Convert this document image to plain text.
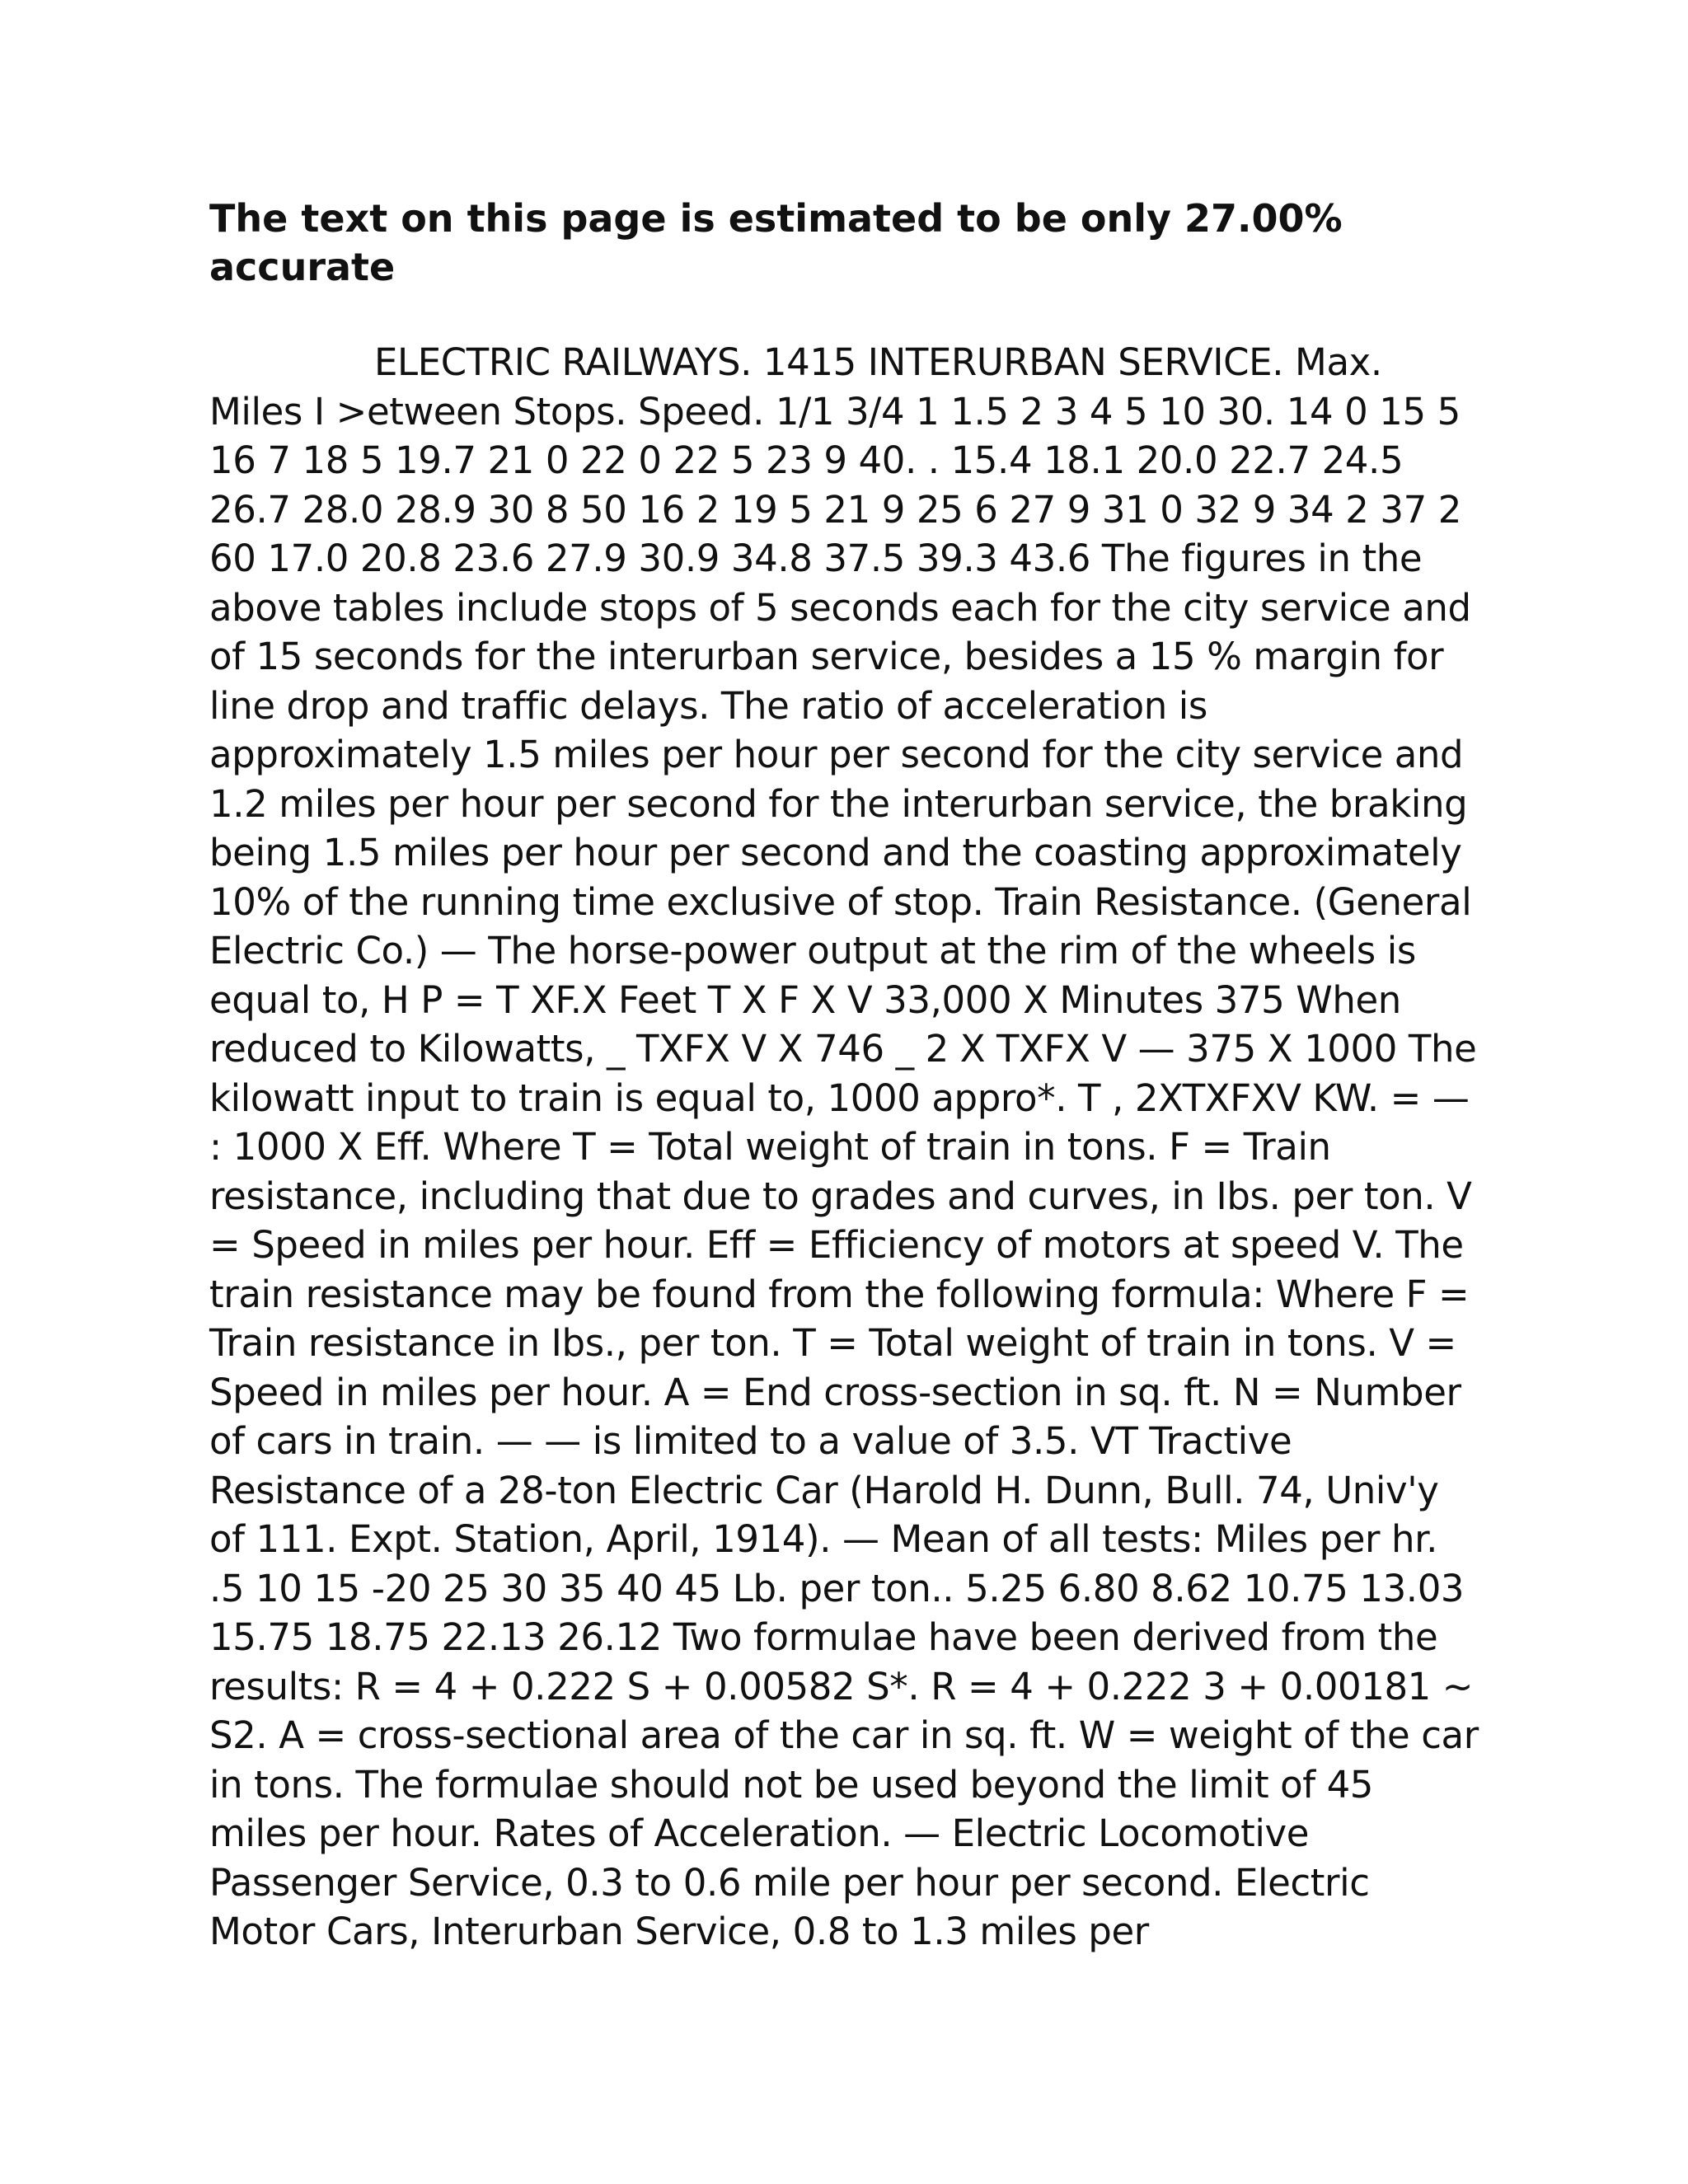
The text on this page is estimated to be only 27.00% accurate

ELECTRIC RAILWAYS. 1415 INTERURBAN SERVICE. Max. Miles I >etween Stops. Speed. 1/1 3/4 1 1.5 2 3 4 5 10 30. 14 0 15 5 16 7 18 5 19.7 21 0 22 0 22 5 23 9 40. . 15.4 18.1 20.0 22.7 24.5 26.7 28.0 28.9 30 8 50 16 2 19 5 21 9 25 6 27 9 31 0 32 9 34 2 37 2 60 17.0 20.8 23.6 27.9 30.9 34.8 37.5 39.3 43.6 The figures in the above tables include stops of 5 seconds each for the city service and of 15 seconds for the interurban service, besides a 15 % margin for line drop and traffic delays. The ratio of acceleration is approximately 1.5 miles per hour per second for the city service and 1.2 miles per hour per second for the interurban service, the braking being 1.5 miles per hour per second and the coasting approximately 10% of the running time exclusive of stop. Train Resistance. (General Electric Co.) — The horse-power output at the rim of the wheels is equal to, H P = T XF.X Feet T X F X V 33,000 X Minutes 375 When reduced to Kilowatts, _ TXFX V X 746 _ 2 X TXFX V — 375 X 1000 The kilowatt input to train is equal to, 1000 appro*. T , 2XTXFXV KW. = — : 1000 X Eff. Where T = Total weight of train in tons. F = Train resistance, including that due to grades and curves, in Ibs. per ton. V = Speed in miles per hour. Eff = Efficiency of motors at speed V. The train resistance may be found from the following formula: Where F = Train resistance in Ibs., per ton. T = Total weight of train in tons. V = Speed in miles per hour. A = End cross-section in sq. ft. N = Number of cars in train. — — is limited to a value of 3.5. VT Tractive Resistance of a 28-ton Electric Car (Harold H. Dunn, Bull. 74, Univ'y of 111. Expt. Station, April, 1914). — Mean of all tests: Miles per hr. .5 10 15 -20 25 30 35 40 45 Lb. per ton.. 5.25 6.80 8.62 10.75 13.03 15.75 18.75 22.13 26.12 Two formulae have been derived from the results: R = 4 + 0.222 S + 0.00582 S*. R = 4 + 0.222 3 + 0.00181 ~ S2. A = cross-sectional area of the car in sq. ft. W = weight of the car in tons. The formulae should not be used beyond the limit of 45 miles per hour. Rates of Acceleration. — Electric Locomotive Passenger Service, 0.3 to 0.6 mile per hour per second. Electric Motor Cars, Interurban Service, 0.8 to 1.3 miles per
